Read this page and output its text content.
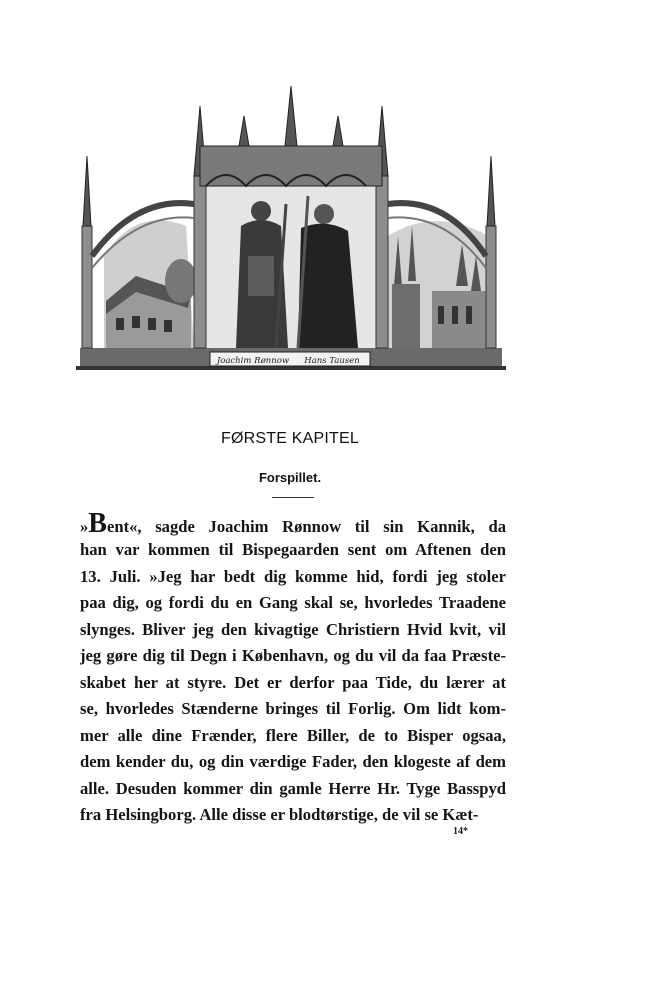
Joachim Rønnow	Hans Tausen
FØRSTE KAPITEL
Forspillet.
»Bent«, sagde Joachim Rønnow til sin Kannik, da
han var kommen til Bispegaarden sent om Aftenen den
13. Juli. »Jeg har bedt dig komme hid, fordi jeg stoler
paa dig, og fordi du en Gang skal se, hvorledes Traadene
slynges. Bliver jeg den kivagtige Christiern Hvid kvit, vil
jeg gøre dig til Degn i København, og du vil da faa Præste-
skabet her at styre. Det er derfor paa Tide, du lærer at
se, hvorledes Stænderne bringes til Forlig. Om lidt kom-
mer alle dine Frænder, flere Biller, de to Bisper ogsaa,
dem kender du, og din værdige Fader, den klogeste af dem
alle. Desuden kommer din gamle Herre Hr. Tyge Basspyd
fra Helsingborg. Alle disse er blodtørstige, de vil se Kæt-
14*
